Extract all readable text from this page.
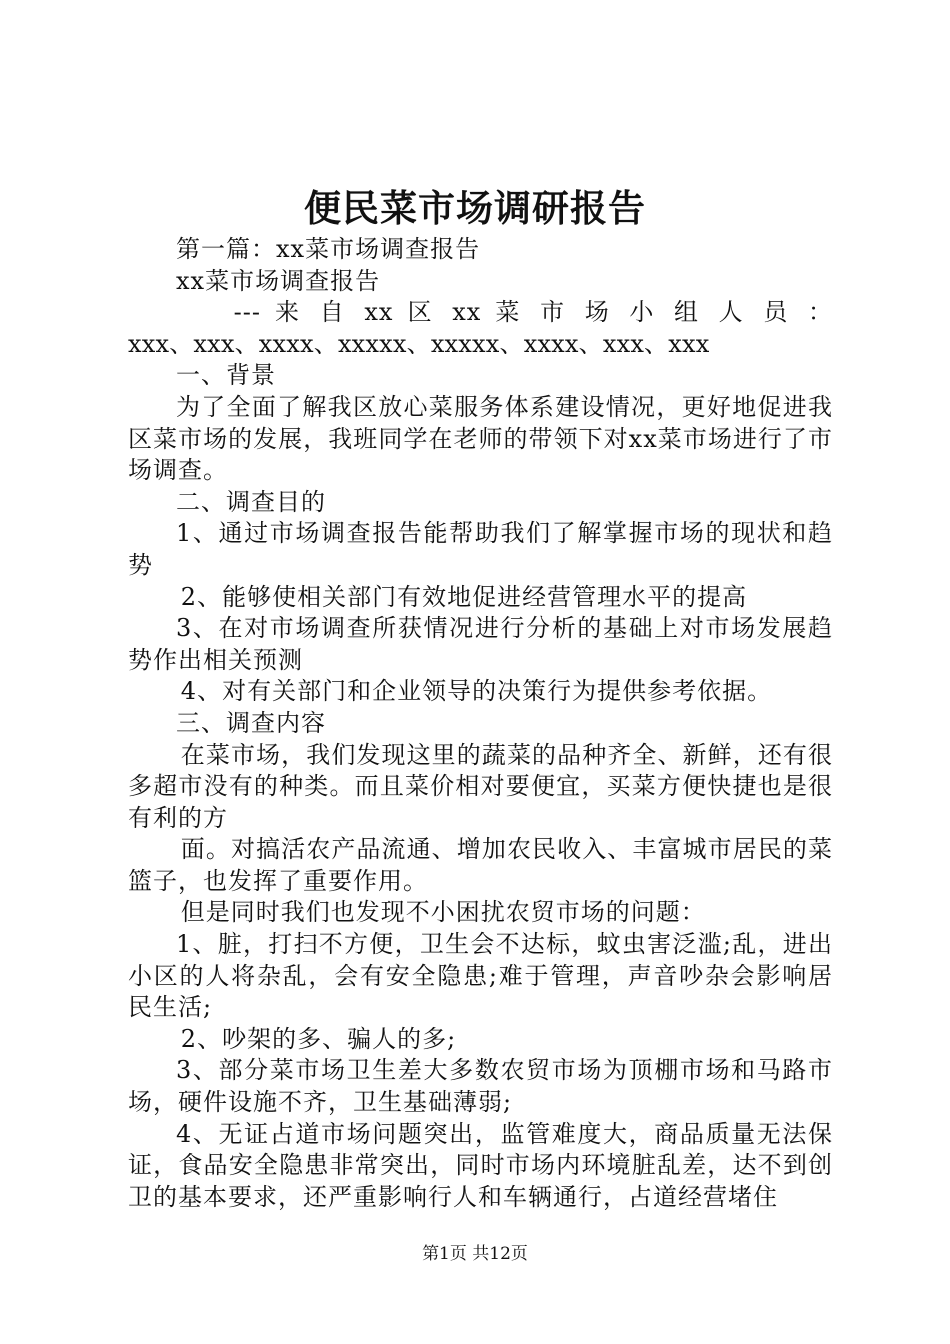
便民菜市场调研报告

第一篇：xx菜市场调查报告

xx菜市场调查报告

--- 来 自 xx 区 xx 菜 市 场 小 组 人 员 ：

xxx、xxx、xxxx、xxxxx、xxxxx、xxxx、xxx、xxx

一、背景

为了全面了解我区放心菜服务体系建设情况，更好地促进我区菜市场的发展，我班同学在老师的带领下对xx菜市场进行了市场调查。

二、调查目的

1、通过市场调查报告能帮助我们了解掌握市场的现状和趋势

2、能够使相关部门有效地促进经营管理水平的提高

3、在对市场调查所获情况进行分析的基础上对市场发展趋势作出相关预测

4、对有关部门和企业领导的决策行为提供参考依据。

三、调查内容

在菜市场，我们发现这里的蔬菜的品种齐全、新鲜，还有很多超市没有的种类。而且菜价相对要便宜，买菜方便快捷也是很有利的方

面。对搞活农产品流通、增加农民收入、丰富城市居民的菜篮子，也发挥了重要作用。

但是同时我们也发现不小困扰农贸市场的问题：

1、脏，打扫不方便，卫生会不达标，蚊虫害泛滥;乱，进出小区的人将杂乱，会有安全隐患;难于管理，声音吵杂会影响居民生活;

2、吵架的多、骗人的多;

3、部分菜市场卫生差大多数农贸市场为顶棚市场和马路市场，硬件设施不齐，卫生基础薄弱;

4、无证占道市场问题突出，监管难度大，商品质量无法保证，食品安全隐患非常突出，同时市场内环境脏乱差，达不到创卫的基本要求，还严重影响行人和车辆通行，占道经营堵住

第1页 共12页
